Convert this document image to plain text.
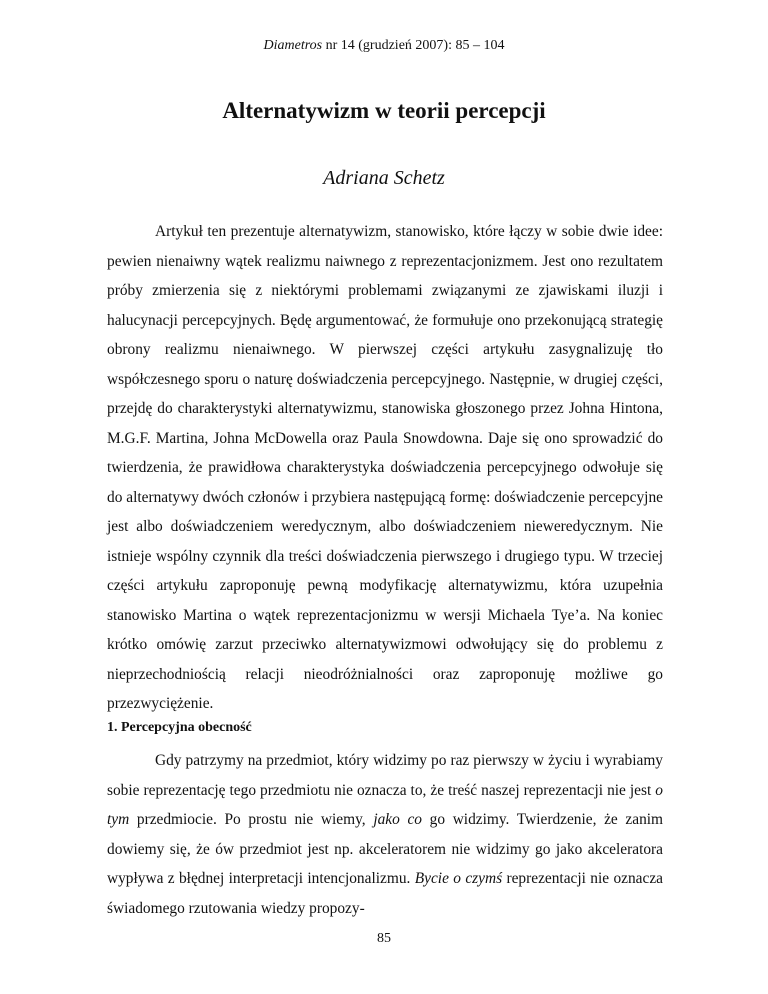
Diametros nr 14 (grudzień 2007): 85 – 104
Alternatywizm w teorii percepcji
Adriana Schetz

Artykuł ten prezentuje alternatywizm, stanowisko, które łączy w sobie dwie idee: pewien nienaiwny wątek realizmu naiwnego z reprezentacjonizmem. Jest ono rezultatem próby zmierzenia się z niektórymi problemami związanymi ze zjawiskami iluzji i halucynacji percepcyjnych. Będę argumentować, że formułuje ono przekonującą strategię obrony realizmu nienaiwnego. W pierwszej części artykułu zasygnalizuję tło współczesnego sporu o naturę doświadczenia percepcyjnego. Następnie, w drugiej części, przejdę do charakterystyki alternatywizmu, stanowiska głoszonego przez Johna Hintona, M.G.F. Martina, Johna McDowella oraz Paula Snowdowna. Daje się ono sprowadzić do twierdzenia, że prawidłowa charakterystyka doświadczenia percepcyjnego odwołuje się do alternatywy dwóch członów i przybiera następującą formę: doświadczenie percepcyjne jest albo doświadczeniem weredycznym, albo doświadczeniem nieweredycznym. Nie istnieje wspólny czynnik dla treści doświadczenia pierwszego i drugiego typu. W trzeciej części artykułu zaproponuję pewną modyfikację alternatywizmu, która uzupełnia stanowisko Martina o wątek reprezentacjonizmu w wersji Michaela Tye’a. Na koniec krótko omówię zarzut przeciwko alternatywizmowi odwołujący się do problemu z nieprzechodniością relacji nieodróżnialności oraz zaproponuję możliwe go przezwyciężenie.

1. Percepcyjna obecność

Gdy patrzymy na przedmiot, który widzimy po raz pierwszy w życiu i wyrabiamy sobie reprezentację tego przedmiotu nie oznacza to, że treść naszej reprezentacji nie jest o tym przedmiocie. Po prostu nie wiemy, jako co go widzimy. Twierdzenie, że zanim dowiemy się, że ów przedmiot jest np. akceleratorem nie widzimy go jako akceleratora wypływa z błędnej interpretacji intencjonalizmu. Bycie o czymś reprezentacji nie oznacza świadomego rzutowania wiedzy propozy-

85
